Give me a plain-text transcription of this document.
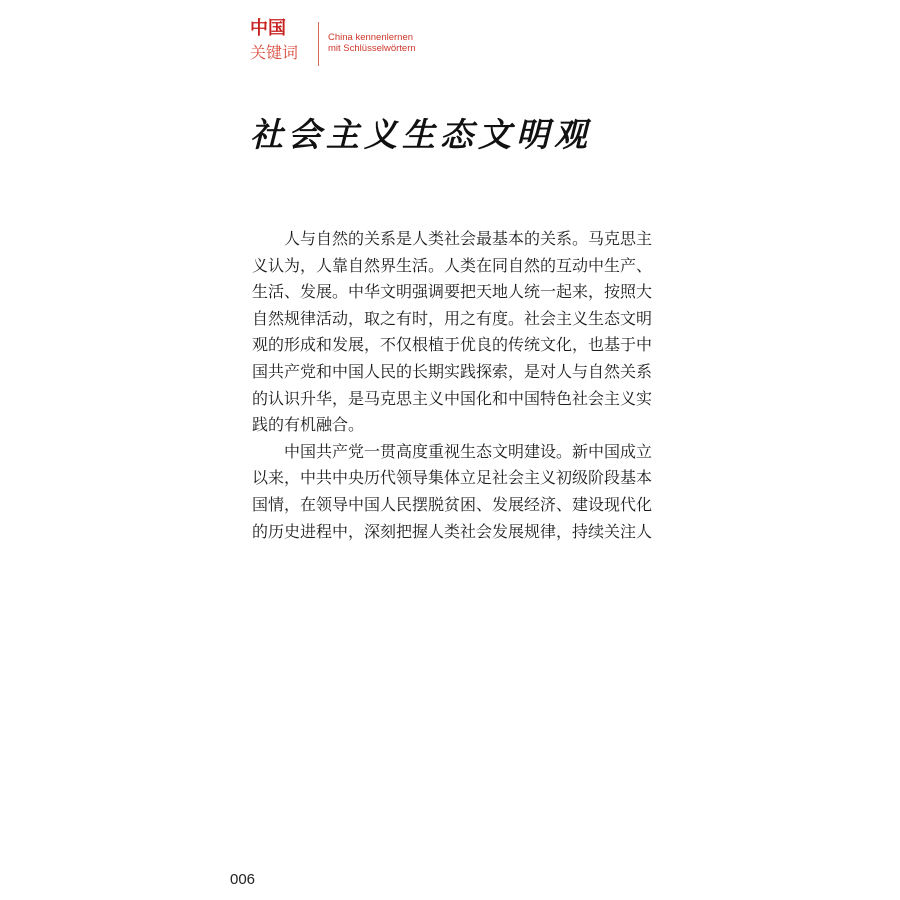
中国
关键词
China kennenlernen
mit Schlüsselwörtern
社会主义生态文明观
　　人与自然的关系是人类社会最基本的关系。马克思主
义认为，人靠自然界生活。人类在同自然的互动中生产、
生活、发展。中华文明强调要把天地人统一起来，按照大
自然规律活动，取之有时，用之有度。社会主义生态文明
观的形成和发展，不仅根植于优良的传统文化，也基于中
国共产党和中国人民的长期实践探索，是对人与自然关系
的认识升华，是马克思主义中国化和中国特色社会主义实
践的有机融合。
　　中国共产党一贯高度重视生态文明建设。新中国成立
以来，中共中央历代领导集体立足社会主义初级阶段基本
国情，在领导中国人民摆脱贫困、发展经济、建设现代化
的历史进程中，深刻把握人类社会发展规律，持续关注人
006
